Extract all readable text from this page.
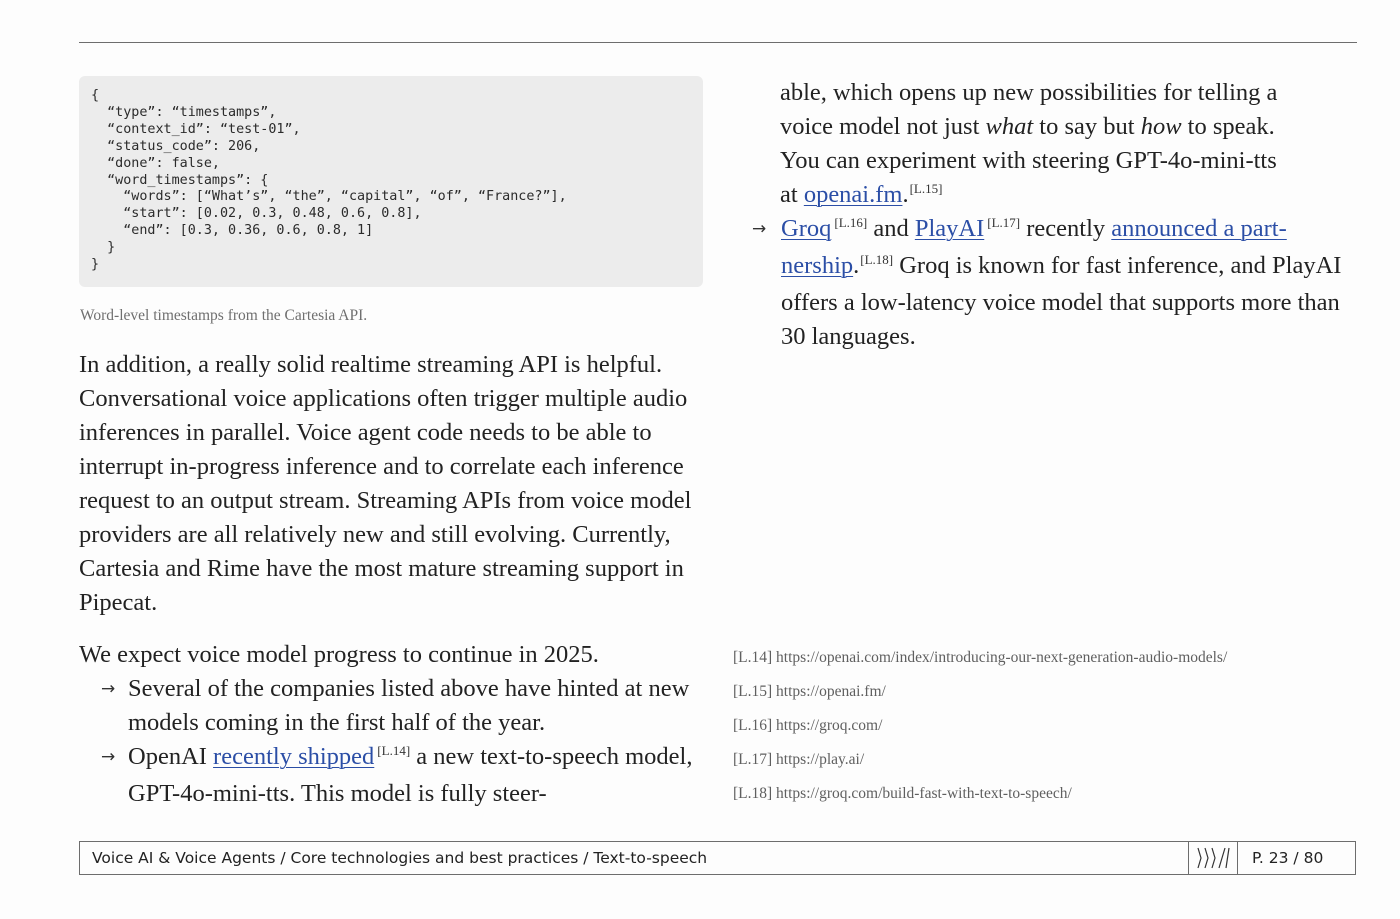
{
“type”: “timestamps”,
“context_id”: “test-01”,
“status_code”: 206,
“done”: false,
“word_timestamps”: {
“words”: [“What’s”, “the”, “capital”, “of”, “France?”],
“start”: [0.02, 0.3, 0.48, 0.6, 0.8],
“end”: [0.3, 0.36, 0.6, 0.8, 1]
}
}
Word-level timestamps from the Cartesia API.

In addition, a really solid realtime streaming API is helpful. Conversational voice applications often trigger multiple audio inferences in parallel. Voice agent code needs to be able to interrupt in-progress inference and to correlate each inference request to an output stream. Streaming APIs from voice model providers are all relatively new and still evolving. Currently, Cartesia and Rime have the most mature streaming support in Pipecat.

We expect voice model progress to continue in 2025.

→ Several of the companies listed above have hinted at new models coming in the first half of the year.

→ OpenAI recently shipped [L.14] a new text-to-speech model, GPT-4o-mini-tts. This model is fully steer-

able, which opens up new possibilities for telling a
voice model not just what to say but how to speak.
You can experiment with steering GPT-4o-mini-tts
at openai.fm.[L.15]

→ Groq [L.16] and PlayAI [L.17] recently announced a part-
nership.[L.18] Groq is known for fast inference, and PlayAI offers a low-latency voice model that supports more than 30 languages.

[L.14] https://openai.com/index/introducing-our-next-generation-audio-models/
[L.15] https://openai.fm/
[L.16] https://groq.com/
[L.17] https://play.ai/
[L.18] https://groq.com/build-fast-with-text-to-speech/
Voice AI & Voice Agents / Core technologies and best practices / Text-to-speech	P. 23 / 80
